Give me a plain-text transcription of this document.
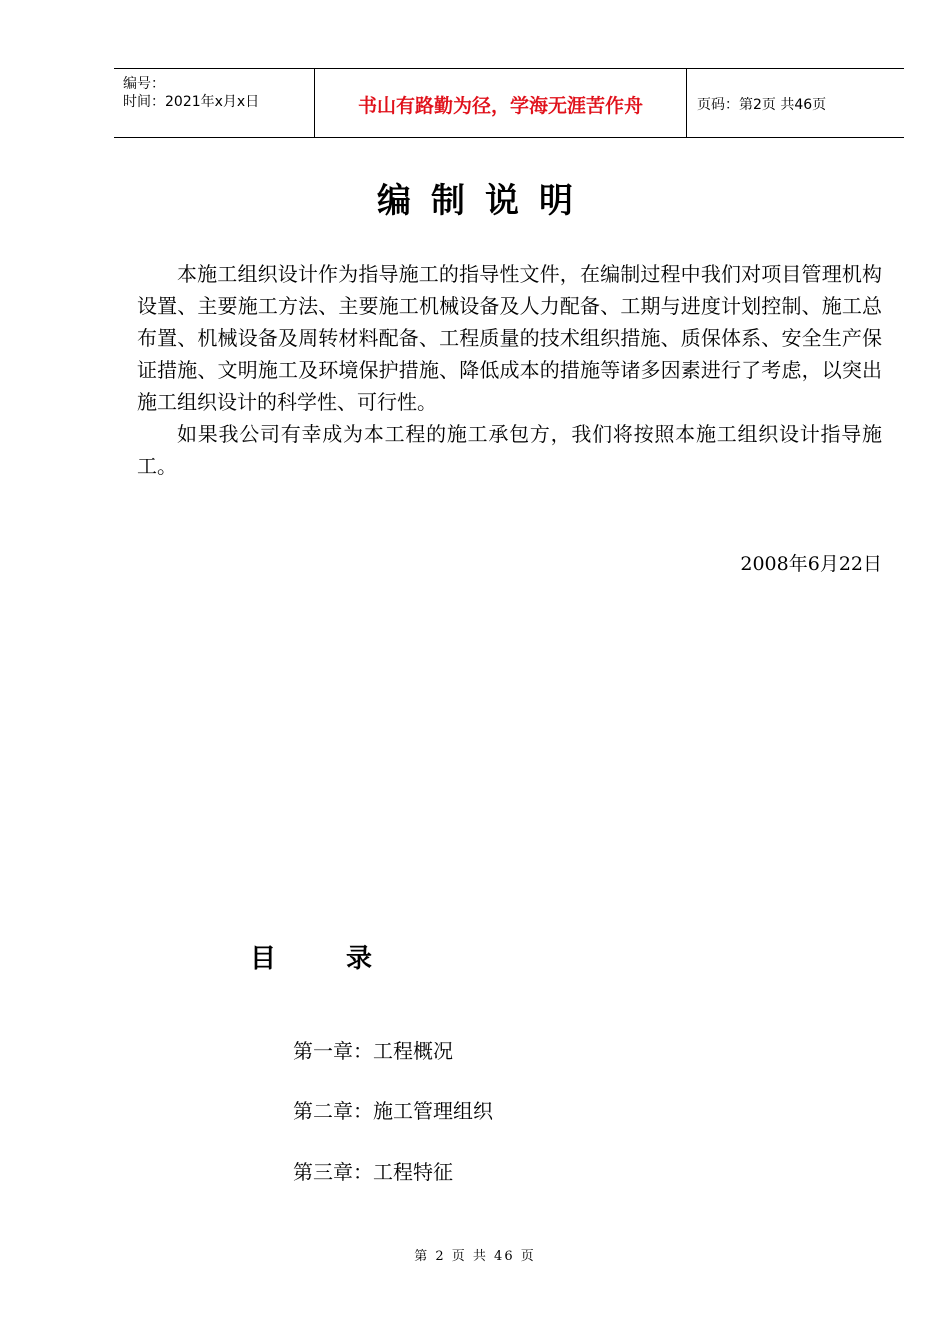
编号：
时间：2021年x月x日	书山有路勤为径，学海无涯苦作舟	页码：第2页 共46页
编制说明

本施工组织设计作为指导施工的指导性文件，在编制过程中我们对项目管理机构设置、主要施工方法、主要施工机械设备及人力配备、工期与进度计划控制、施工总布置、机械设备及周转材料配备、工程质量的技术组织措施、质保体系、安全生产保证措施、文明施工及环境保护措施、降低成本的措施等诸多因素进行了考虑，以突出施工组织设计的科学性、可行性。

如果我公司有幸成为本工程的施工承包方，我们将按照本施工组织设计指导施工。

2008年6月22日
目	录
第一章：工程概况
第二章：施工管理组织
第三章：工程特征
第 2 页 共 46 页
